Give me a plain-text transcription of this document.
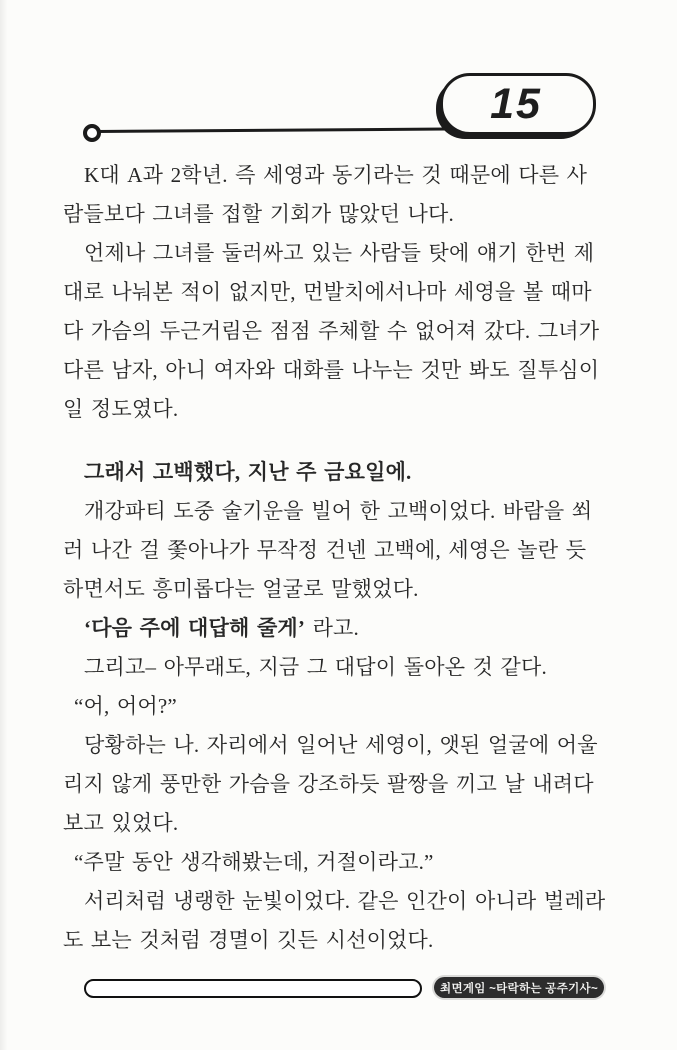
15
K대 A과 2학년. 즉 세영과 동기라는 것 때문에 다른 사
람들보다 그녀를 접할 기회가 많았던 나다.
언제나 그녀를 둘러싸고 있는 사람들 탓에 얘기 한번 제
대로 나눠본 적이 없지만, 먼발치에서나마 세영을 볼 때마
다 가슴의 두근거림은 점점 주체할 수 없어져 갔다. 그녀가
다른 남자, 아니 여자와 대화를 나누는 것만 봐도 질투심이
일 정도였다.
그래서 고백했다, 지난 주 금요일에.
개강파티 도중 술기운을 빌어 한 고백이었다. 바람을 쐬
러 나간 걸 쫓아나가 무작정 건넨 고백에, 세영은 놀란 듯
하면서도 흥미롭다는 얼굴로 말했었다.
‘다음 주에 대답해 줄게’ 라고.
그리고– 아무래도, 지금 그 대답이 돌아온 것 같다.
“어, 어어?”
당황하는 나. 자리에서 일어난 세영이, 앳된 얼굴에 어울
리지 않게 풍만한 가슴을 강조하듯 팔짱을 끼고 날 내려다
보고 있었다.
“주말 동안 생각해봤는데, 거절이라고.”
서리처럼 냉랭한 눈빛이었다. 같은 인간이 아니라 벌레라
도 보는 것처럼 경멸이 깃든 시선이었다.
최면게임 ~타락하는 공주기사~
